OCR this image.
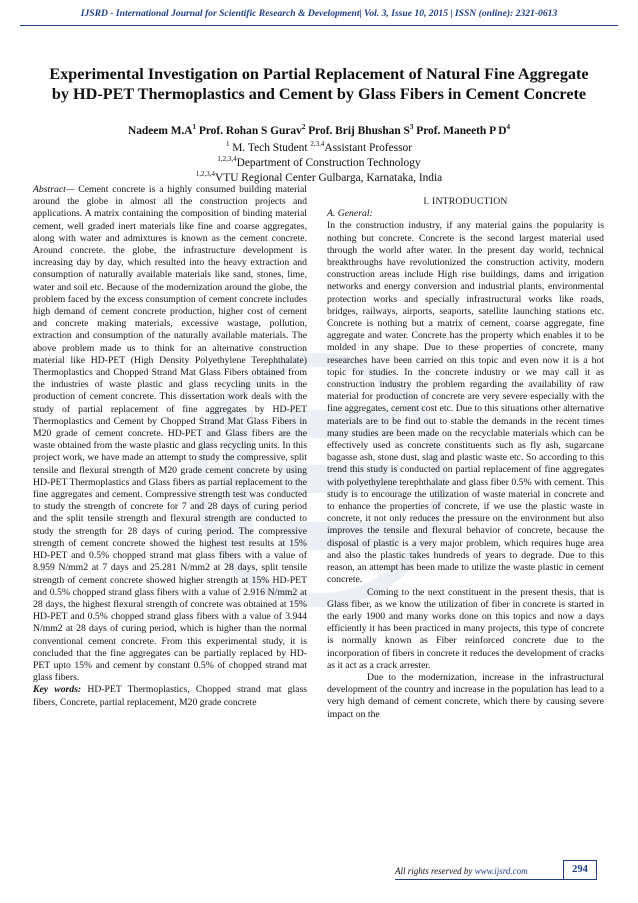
IJSRD - International Journal for Scientific Research & Development| Vol. 3, Issue 10, 2015 | ISSN (online): 2321-0613
Experimental Investigation on Partial Replacement of Natural Fine Aggregate by HD-PET Thermoplastics and Cement by Glass Fibers in Cement Concrete
Nadeem $M.A^1$ Prof. Rohan S Gurav$^2$ Prof. Brij Bhushan $S^3$ Prof. Maneeth P $D^4$
$^1$ M. Tech Student $^{2,3,4}$Assistant Professor
$^{1,2,3,4}$Department of Construction Technology
$^{1,2,3,4}$VTU Regional Center Gulbarga, Karnataka, India

Abstract— Cement concrete is a highly consumed building material around the globe in almost all the construction projects and applications. A matrix containing the composition of binding material cement, well graded inert materials like fine and coarse aggregates, along with water and admixtures is known as the cement concrete. Around concrete. the globe, the infrastructure development is increasing day by day, which resulted into the heavy extraction and consumption of naturally available materials like sand, stones, lime, water and soil etc. Because of the modernization around the globe, the problem faced by the excess consumption of cement concrete includes high demand of cement concrete production, higher cost of cement and concrete making materials, excessive wastage, pollution, extraction and consumption of the naturally available materials. The above problem made us to think for an alternative construction material like HD-PET (High Density Polyethylene Terephthalate) Thermoplastics and Chopped Strand Mat Glass Fibers obtained from the industries of waste plastic and glass recycling units in the production of cement concrete. This dissertation work deals with the study of partial replacement of fine aggregates by HD-PET Thermoplastics and Cement by Chopped Strand Mat Glass Fibers in M20 grade of cement concrete. HD-PET and Glass fibers are the waste obtained from the waste plastic and glass recycling units. In this project work, we have made an attempt to study the compressive, split tensile and flexural strength of M20 grade cement concrete by using HD-PET Thermoplastics and Glass fibers as partial replacement to the fine aggregates and cement. Compressive strength test was conducted to study the strength of concrete for 7 and 28 days of curing period and the split tensile strength and flexural strength are conducted to study the strength for 28 days of curing period. The compressive strength of cement concrete showed the highest test results at 15% HD-PET and 0.5% chopped strand mat glass fibers with a value of 8.959 N/mm2 at 7 days and 25.281 N/mm2 at 28 days, split tensile strength of cement concrete showed higher strength at 15% HD-PET and 0.5% chopped strand glass fibers with a value of 2.916 N/mm2 at 28 days, the highest flexural strength of concrete was obtained at 15% HD-PET and 0.5% chopped strand glass fibers with a value of 3.944 N/mm2 at 28 days of curing period, which is higher than the normal conventional cement concrete. From this experimental study, it is concluded that the fine aggregates can be partially replaced by HD-PET upto 15% and cement by constant 0.5% of chopped strand mat glass fibers.

Key words: HD-PET Thermoplastics, Chopped strand mat glass fibers, Concrete, partial replacement, M20 grade concrete

I. INTRODUCTION

A. General:

In the construction industry, if any material gains the popularity is nothing but concrete. Concrete is the second largest material used through the world after water. In the present day world, technical breakthroughs have revolutionized the construction activity, modern construction areas include High rise buildings, dams and irrigation networks and energy conversion and industrial plants, environmental protection works and specially infrastructural works like roads, bridges, railways, airports, seaports, satellite launching stations etc. Concrete is nothing but a matrix of cement, coarse aggregate, fine aggregate and water. Concrete has the property which enables it to be molded in any shape. Due to these properties of concrete, many researches have been carried on this topic and even now it is a hot topic for studies. In the concrete industry or we may call it as construction industry the problem regarding the availability of raw material for production of concrete are very severe especially with the fine aggregates, cement cost etc. Due to this situations other alternative materials are to be find out to stable the demands in the recent times many studies are been made on the recyclable materials which can be effectively used as concrete constituents such as fly ash, sugarcane bagasse ash, stone dust, slag and plastic waste etc. So according to this trend this study is conducted on partial replacement of fine aggregates with polyethylene terephthalate and glass fiber 0.5% with cement. This study is to encourage the utilization of waste material in concrete and to enhance the properties of concrete, if we use the plastic waste in concrete, it not only reduces the pressure on the environment but also improves the tensile and flexural behavior of concrete, because the disposal of plastic is a very major problem, which requires huge area and also the plastic takes hundreds of years to degrade. Due to this reason, an attempt has been made to utilize the waste plastic in cement concrete.

Coming to the next constituent in the present thesis, that is Glass fiber, as we know the utilization of fiber in concrete is started in the early 1900 and many works done on this topics and now a days efficiently it has been practiced in many projects, this type of concrete is normally known as Fiber reinforced concrete due to the incorporation of fibers in concrete it reduces the development of cracks as it act as a crack arrester.

Due to the modernization, increase in the infrastructural development of the country and increase in the population has lead to a very high demand of cement concrete, which there by causing severe impact on the

All rights reserved by www.ijsrd.com	294
